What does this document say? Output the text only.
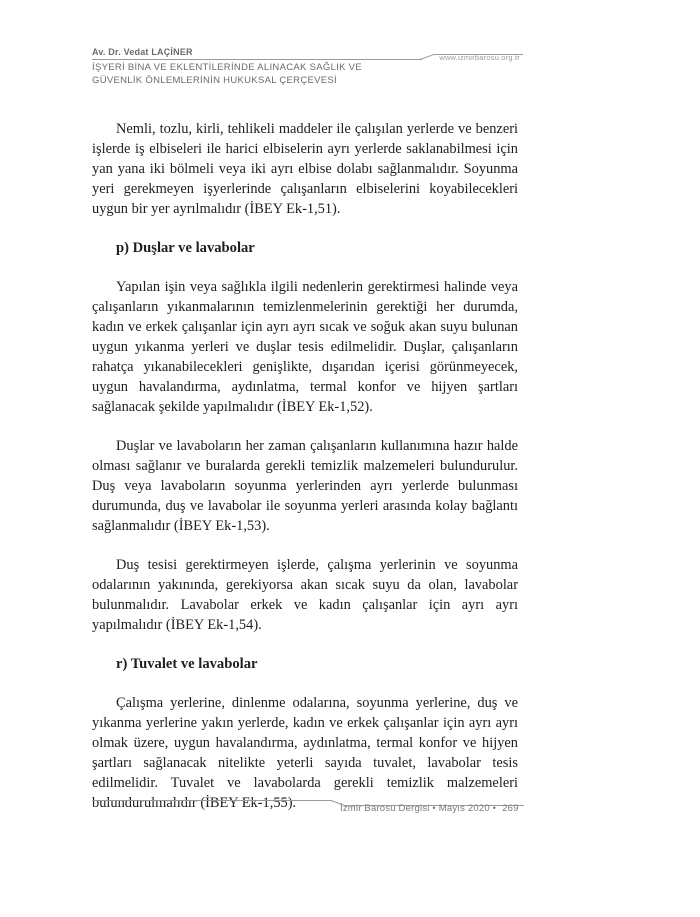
Av. Dr. Vedat LAÇİNER
www.izmirbarosu.org.tr
İŞYERİ BİNA VE EKLENTİLERİNDE ALINACAK SAĞLIK VE
GÜVENLİK ÖNLEMLERİNİN HUKUKSAL ÇERÇEVESİ

Nemli, tozlu, kirli, tehlikeli maddeler ile çalışılan yerlerde ve benzeri işlerde iş elbiseleri ile harici elbiselerin ayrı yerlerde saklanabilmesi için yan yana iki bölmeli veya iki ayrı elbise dolabı sağlanmalıdır. Soyunma yeri gerekmeyen işyerlerinde çalışanların elbiselerini koyabilecekleri uygun bir yer ayrılmalıdır (İBEY Ek-1,51).

p) Duşlar ve lavabolar

Yapılan işin veya sağlıkla ilgili nedenlerin gerektirmesi halinde veya çalışanların yıkanmalarının temizlenmelerinin gerektiği her durumda, kadın ve erkek çalışanlar için ayrı ayrı sıcak ve soğuk akan suyu bulunan uygun yıkanma yerleri ve duşlar tesis edilmelidir. Duşlar, çalışanların rahatça yıkanabilecekleri genişlikte, dışarıdan içerisi görünmeyecek, uygun havalandırma, aydınlatma, termal konfor ve hijyen şartları sağlanacak şekilde yapılmalıdır (İBEY Ek-1,52).

Duşlar ve lavaboların her zaman çalışanların kullanımına hazır halde olması sağlanır ve buralarda gerekli temizlik malzemeleri bulundurulur. Duş veya lavaboların soyunma yerlerinden ayrı yerlerde bulunması durumunda, duş ve lavabolar ile soyunma yerleri arasında kolay bağlantı sağlanmalıdır (İBEY Ek-1,53).

Duş tesisi gerektirmeyen işlerde, çalışma yerlerinin ve soyunma odalarının yakınında, gerekiyorsa akan sıcak suyu da olan, lavabolar bulunmalıdır. Lavabolar erkek ve kadın çalışanlar için ayrı ayrı yapılmalıdır (İBEY Ek-1,54).

r) Tuvalet ve lavabolar

Çalışma yerlerine, dinlenme odalarına, soyunma yerlerine, duş ve yıkanma yerlerine yakın yerlerde, kadın ve erkek çalışanlar için ayrı ayrı olmak üzere, uygun havalandırma, aydınlatma, termal konfor ve hijyen şartları sağlanacak nitelikte yeterli sayıda tuvalet, lavabolar tesis edilmelidir. Tuvalet ve lavabolarda gerekli temizlik malzemeleri bulundurulmalıdır (İBEY Ek-1,55).	İzmir Barosu Dergisi • Mayıs 2020 • 269
